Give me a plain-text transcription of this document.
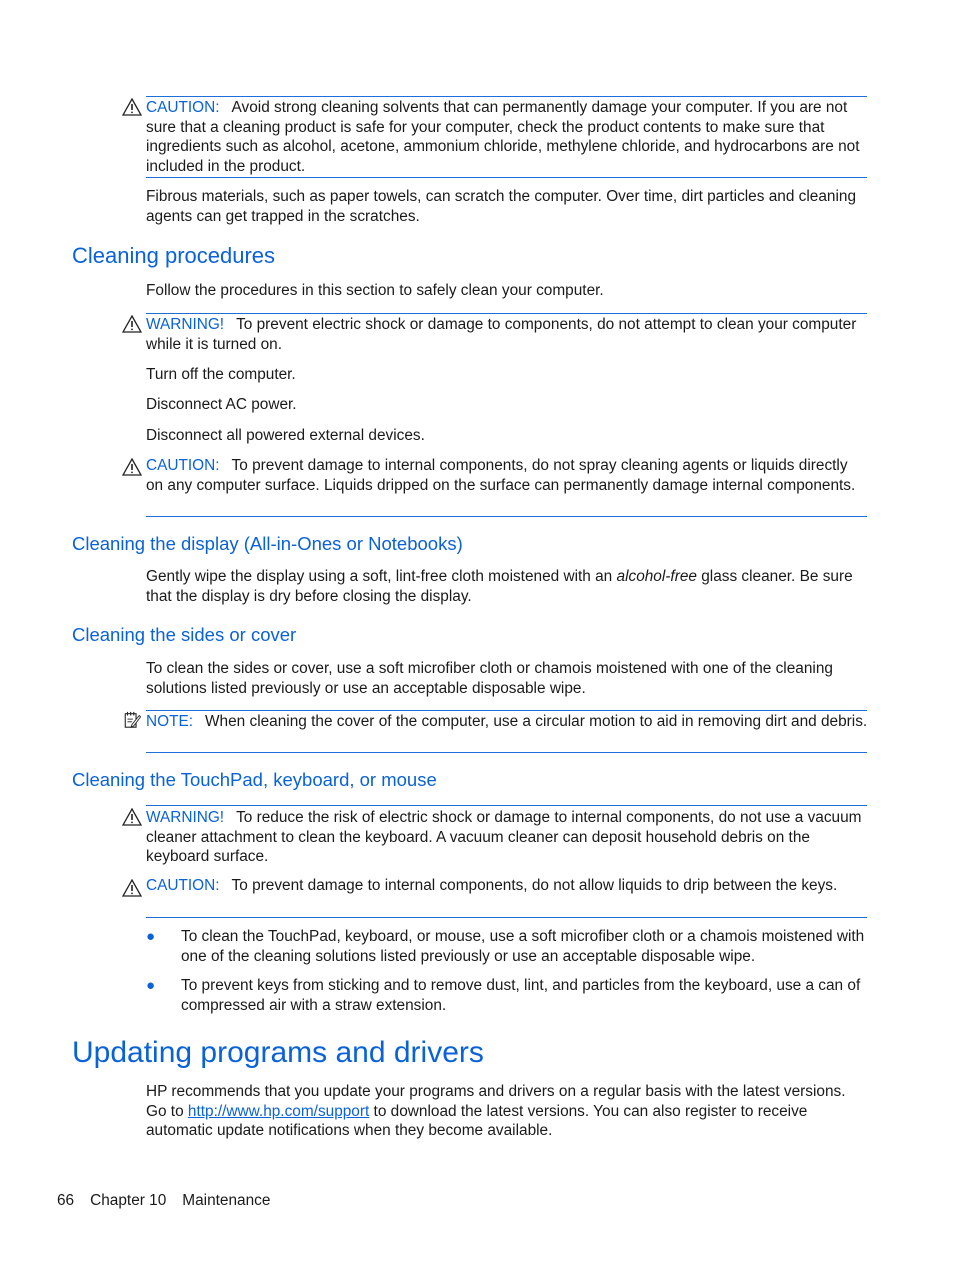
CAUTION: Avoid strong cleaning solvents that can permanently damage your computer. If you are not sure that a cleaning product is safe for your computer, check the product contents to make sure that ingredients such as alcohol, acetone, ammonium chloride, methylene chloride, and hydrocarbons are not included in the product.

Fibrous materials, such as paper towels, can scratch the computer. Over time, dirt particles and cleaning agents can get trapped in the scratches.

Cleaning procedures

Follow the procedures in this section to safely clean your computer.

WARNING! To prevent electric shock or damage to components, do not attempt to clean your computer while it is turned on.

Turn off the computer.

Disconnect AC power.

Disconnect all powered external devices.

CAUTION: To prevent damage to internal components, do not spray cleaning agents or liquids directly on any computer surface. Liquids dripped on the surface can permanently damage internal components.
Cleaning the display (All-in-Ones or Notebooks)

Gently wipe the display using a soft, lint-free cloth moistened with an alcohol-free glass cleaner. Be sure that the display is dry before closing the display.

Cleaning the sides or cover

To clean the sides or cover, use a soft microfiber cloth or chamois moistened with one of the cleaning solutions listed previously or use an acceptable disposable wipe.

NOTE: When cleaning the cover of the computer, use a circular motion to aid in removing dirt and debris.
Cleaning the TouchPad, keyboard, or mouse
WARNING! To reduce the risk of electric shock or damage to internal components, do not use a vacuum cleaner attachment to clean the keyboard. A vacuum cleaner can deposit household debris on the keyboard surface.
CAUTION: To prevent damage to internal components, do not allow liquids to drip between the keys.
● To clean the TouchPad, keyboard, or mouse, use a soft microfiber cloth or a chamois moistened with one of the cleaning solutions listed previously or use an acceptable disposable wipe.

● To prevent keys from sticking and to remove dust, lint, and particles from the keyboard, use a can of compressed air with a straw extension.

Updating programs and drivers

HP recommends that you update your programs and drivers on a regular basis with the latest versions. Go to http://www.hp.com/support to download the latest versions. You can also register to receive automatic update notifications when they become available.

66 Chapter 10 Maintenance
